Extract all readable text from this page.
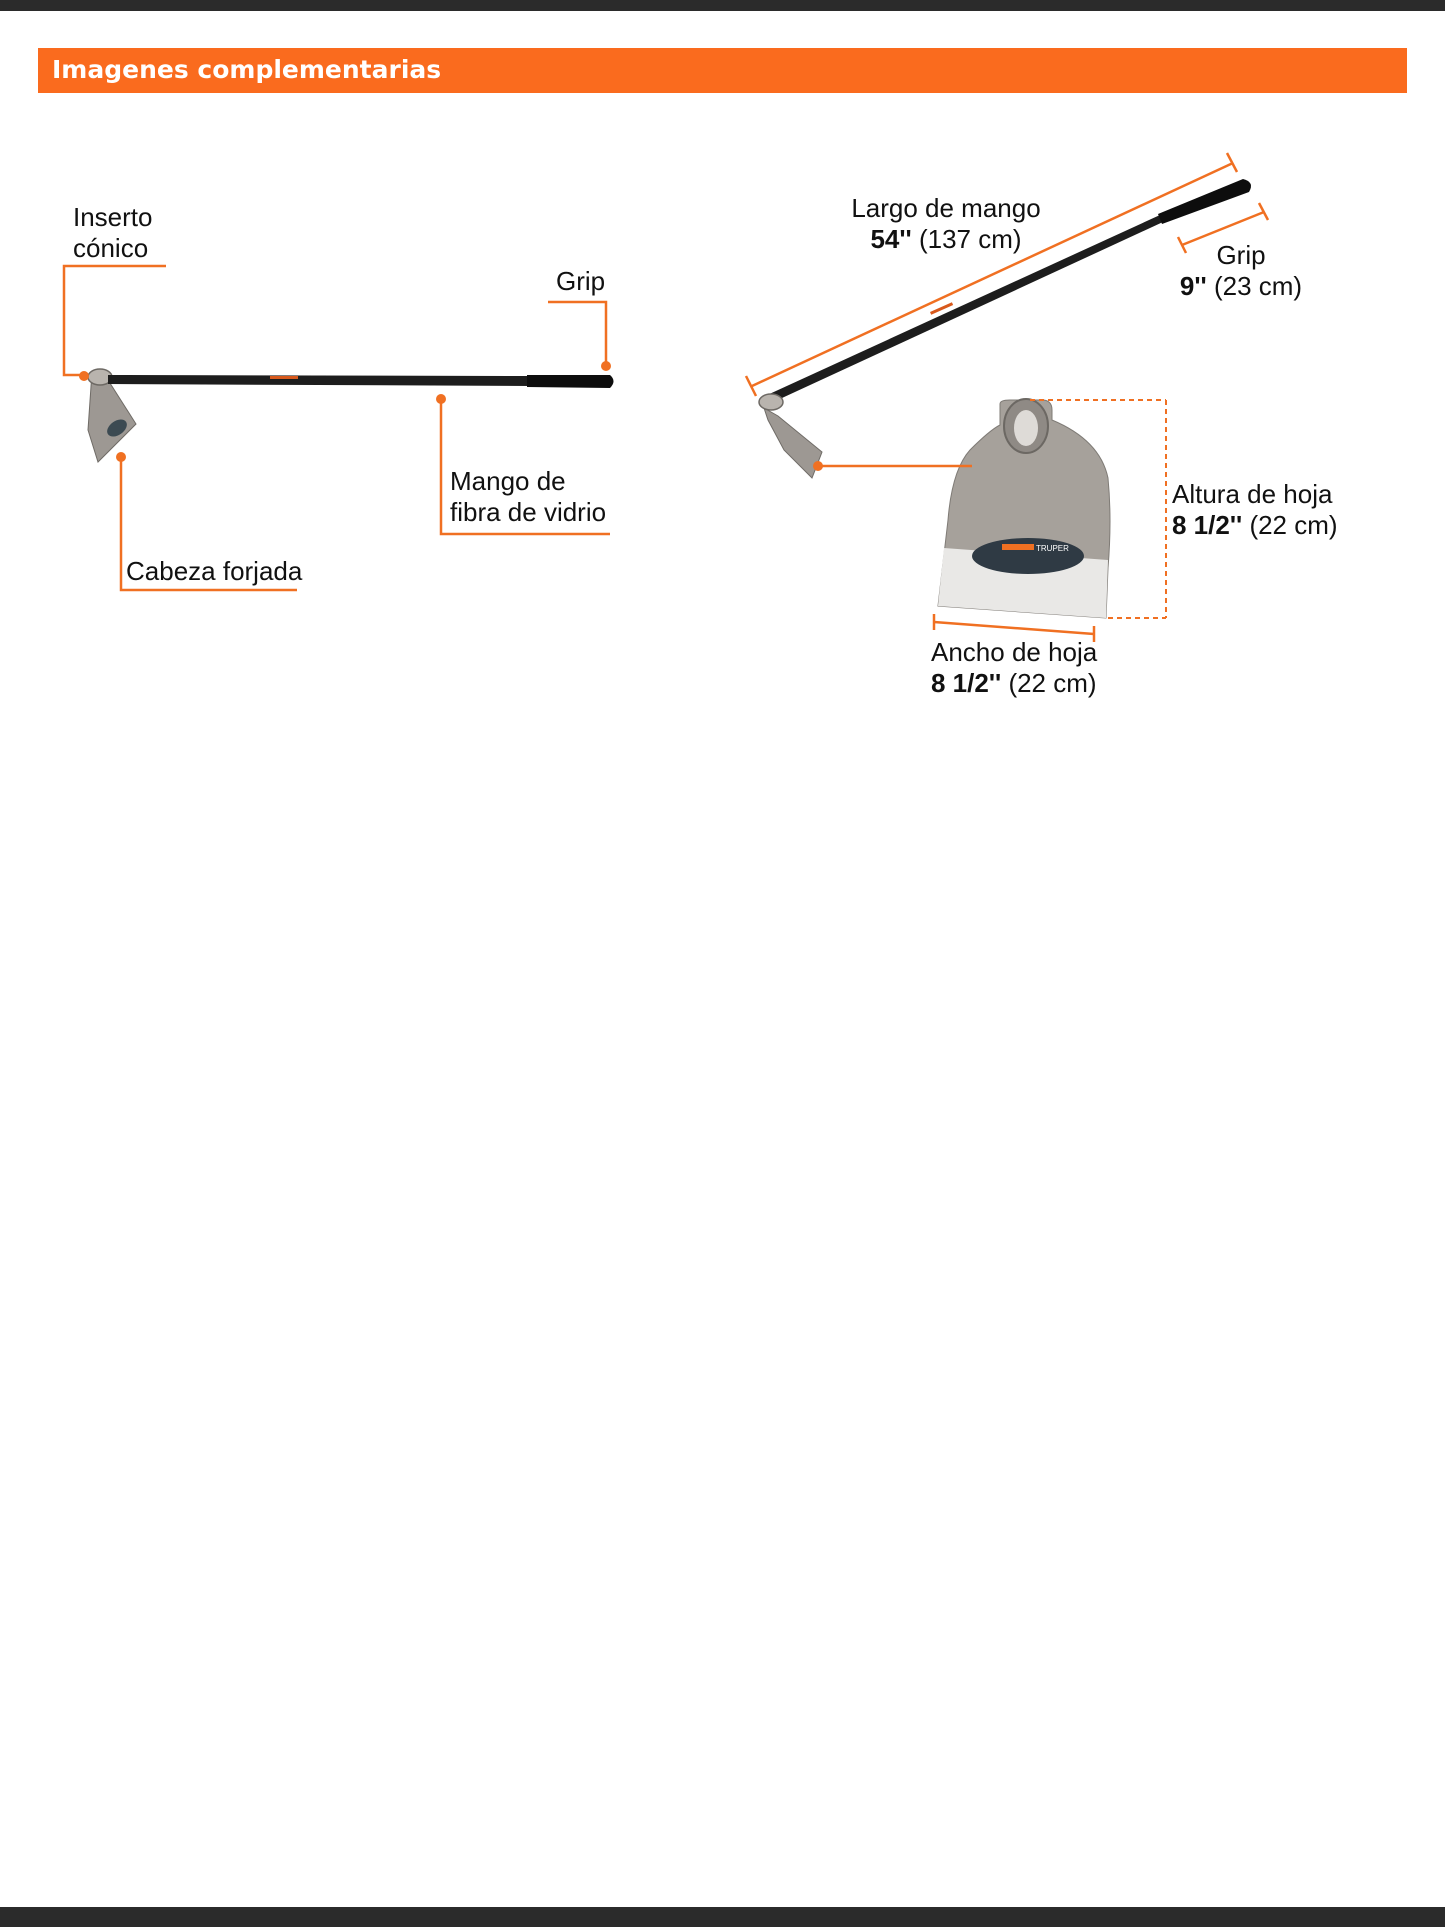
Imagenes complementarias
TRUPER
Inserto
cónico
Grip
Mango de
fibra de vidrio
Cabeza forjada
Largo de mango
54'' (137 cm)
Grip
9'' (23 cm)
Altura de hoja
8 1/2'' (22 cm)
Ancho de hoja
8 1/2'' (22 cm)
